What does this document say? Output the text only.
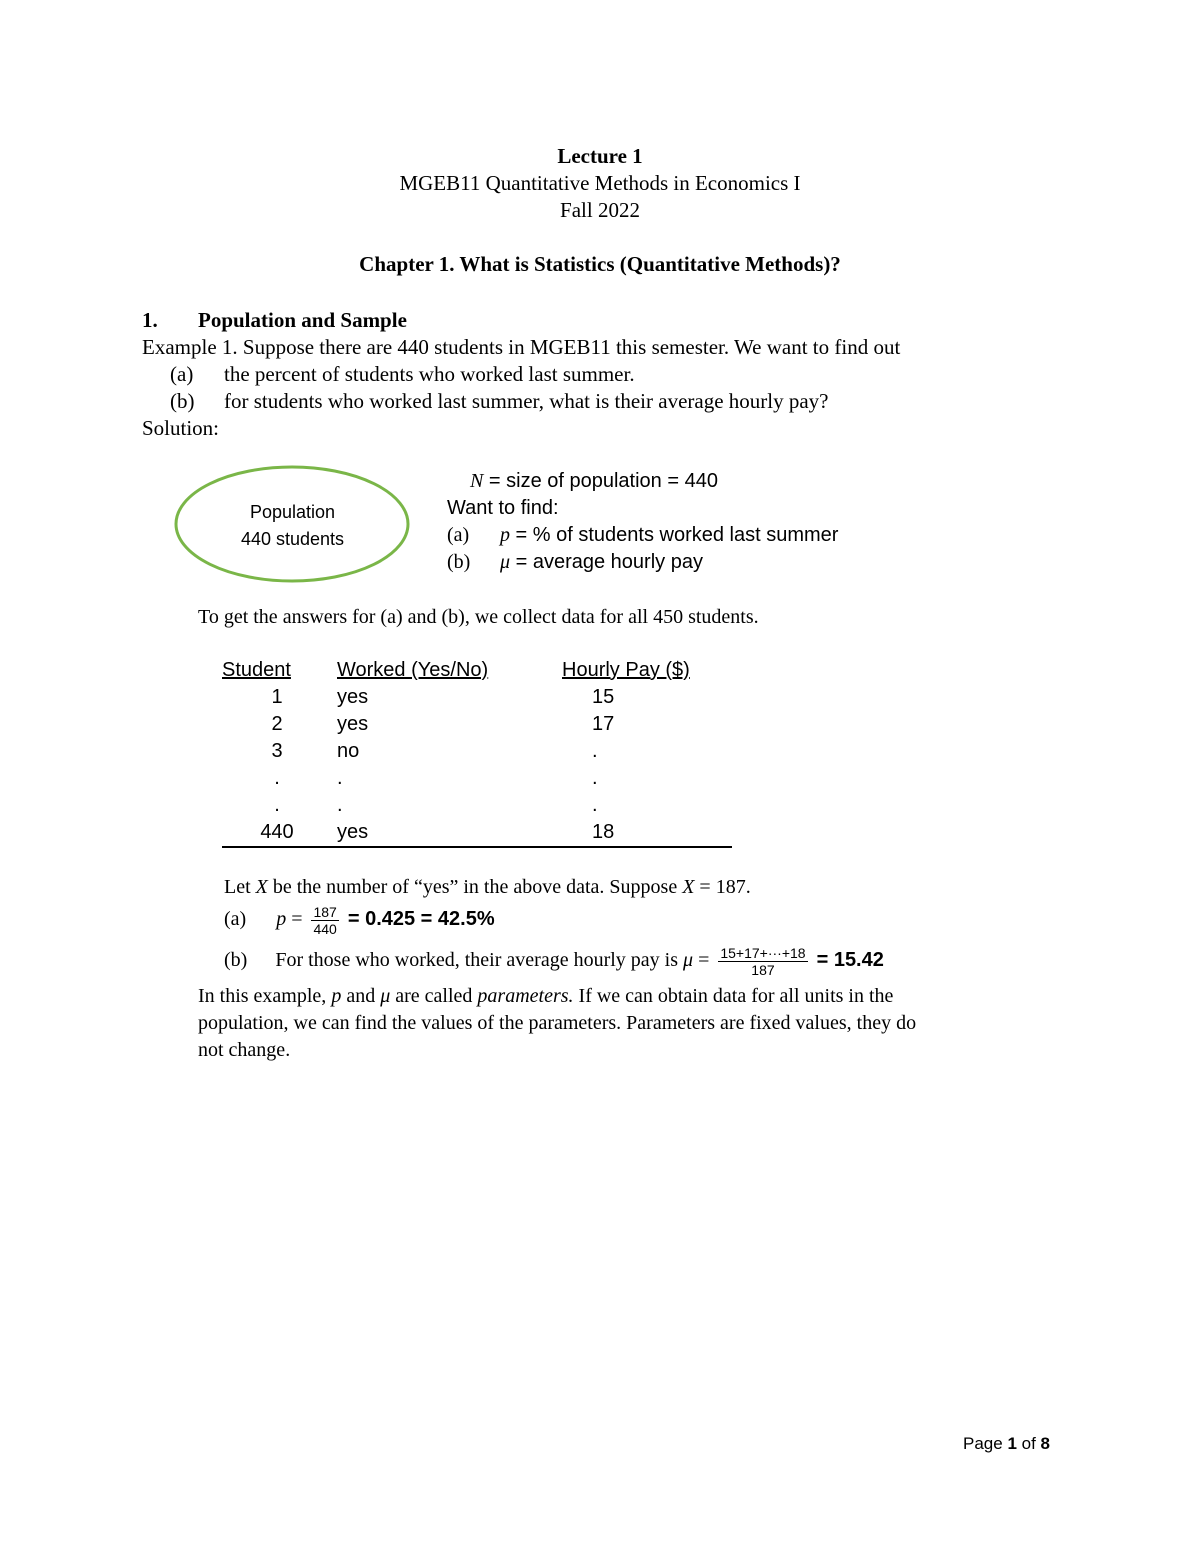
Lecture 1
MGEB11 Quantitative Methods in Economics I
Fall 2022
Chapter 1. What is Statistics (Quantitative Methods)?
1. Population and Sample
Example 1. Suppose there are 440 students in MGEB11 this semester. We want to find out
(a) the percent of students who worked last summer.
(b) for students who worked last summer, what is their average hourly pay?
Solution:
Population
440 students
N = size of population = 440
Want to find:
(a) p = % of students worked last summer
(b) μ = average hourly pay
To get the answers for (a) and (b), we collect data for all 450 students.
Student	Worked (Yes/No)	Hourly Pay ($)
1	yes	15
2	yes	17
3	no	.
.	.	.
.	.	.
440	yes	18
Let X be the number of “yes” in the above data. Suppose X = 187.
(a) $p = \frac{187}{440} = 0.425 = 42.5\%$
(b) For those who worked, their average hourly pay is $\mu = \frac{15+17+\cdot\cdot\cdot+18}{187} = 15.42$
In this example, p and μ are called parameters. If we can obtain data for all units in the
population, we can find the values of the parameters. Parameters are fixed values, they do
not change.
Page 1 of 8
